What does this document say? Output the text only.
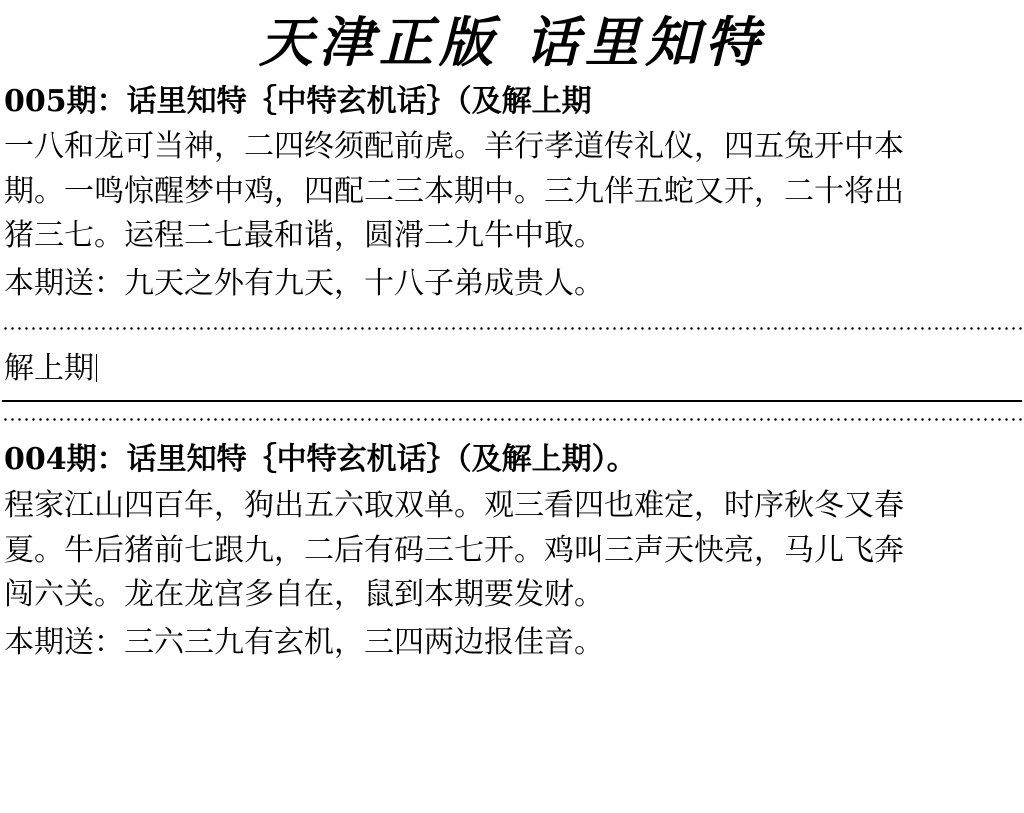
天津正版 话里知特
005期：话里知特｛中特玄机话｝（及解上期

一八和龙可当神，二四终须配前虎。羊行孝道传礼仪，四五兔开中本

期。一鸣惊醒梦中鸡，四配二三本期中。三九伴五蛇又开，二十将出

猪三七。运程二七最和谐，圆滑二九牛中取。

本期送：九天之外有九天，十八子弟成贵人。
解上期
004期：话里知特｛中特玄机话｝（及解上期）。

程家江山四百年，狗出五六取双单。观三看四也难定，时序秋冬又春

夏。牛后猪前七跟九，二后有码三七开。鸡叫三声天快亮，马儿飞奔

闯六关。龙在龙宫多自在，鼠到本期要发财。

本期送：三六三九有玄机，三四两边报佳音。
